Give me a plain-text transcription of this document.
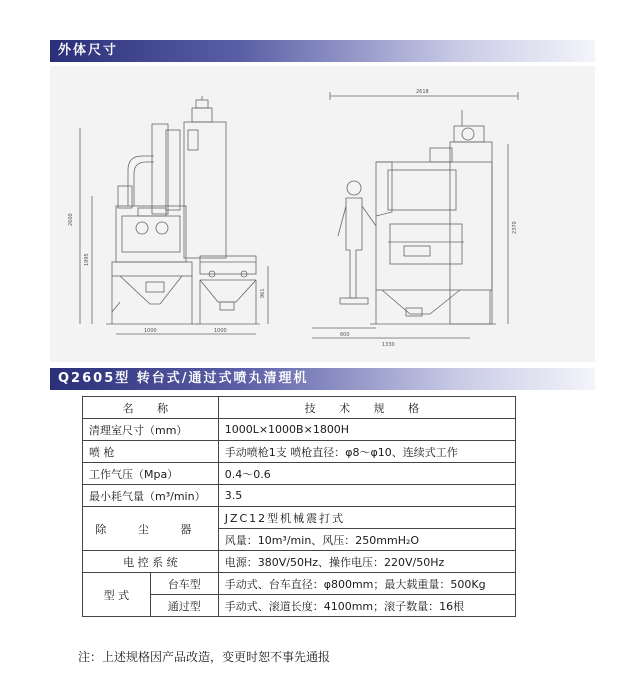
外体尺寸
2600
1995
1000	1000
961
2618
2370
600
1330
Q2605型 转台式/通过式喷丸清理机
名 称		技 术 规 格
清理室尺寸（mm）		1000L×1000B×1800H
喷 枪		手动喷枪1支 喷枪直径：φ8～φ10、连续式工作
工作气压（Mpa）		0.4～0.6
最小耗气量（m³/min）		3.5
除 尘 器		JZC12型机械震打式
		风量：10m³/min、风压：250mmH₂O
电 控 系 统		电源：380V/50Hz、操作电压：220V/50Hz
型 式	台车型	手动式、台车直径：φ800mm；最大载重量：500Kg
	通过型	手动式、滚道长度：4100mm；滚子数量：16根
注：上述规格因产品改造，变更时恕不事先通报
